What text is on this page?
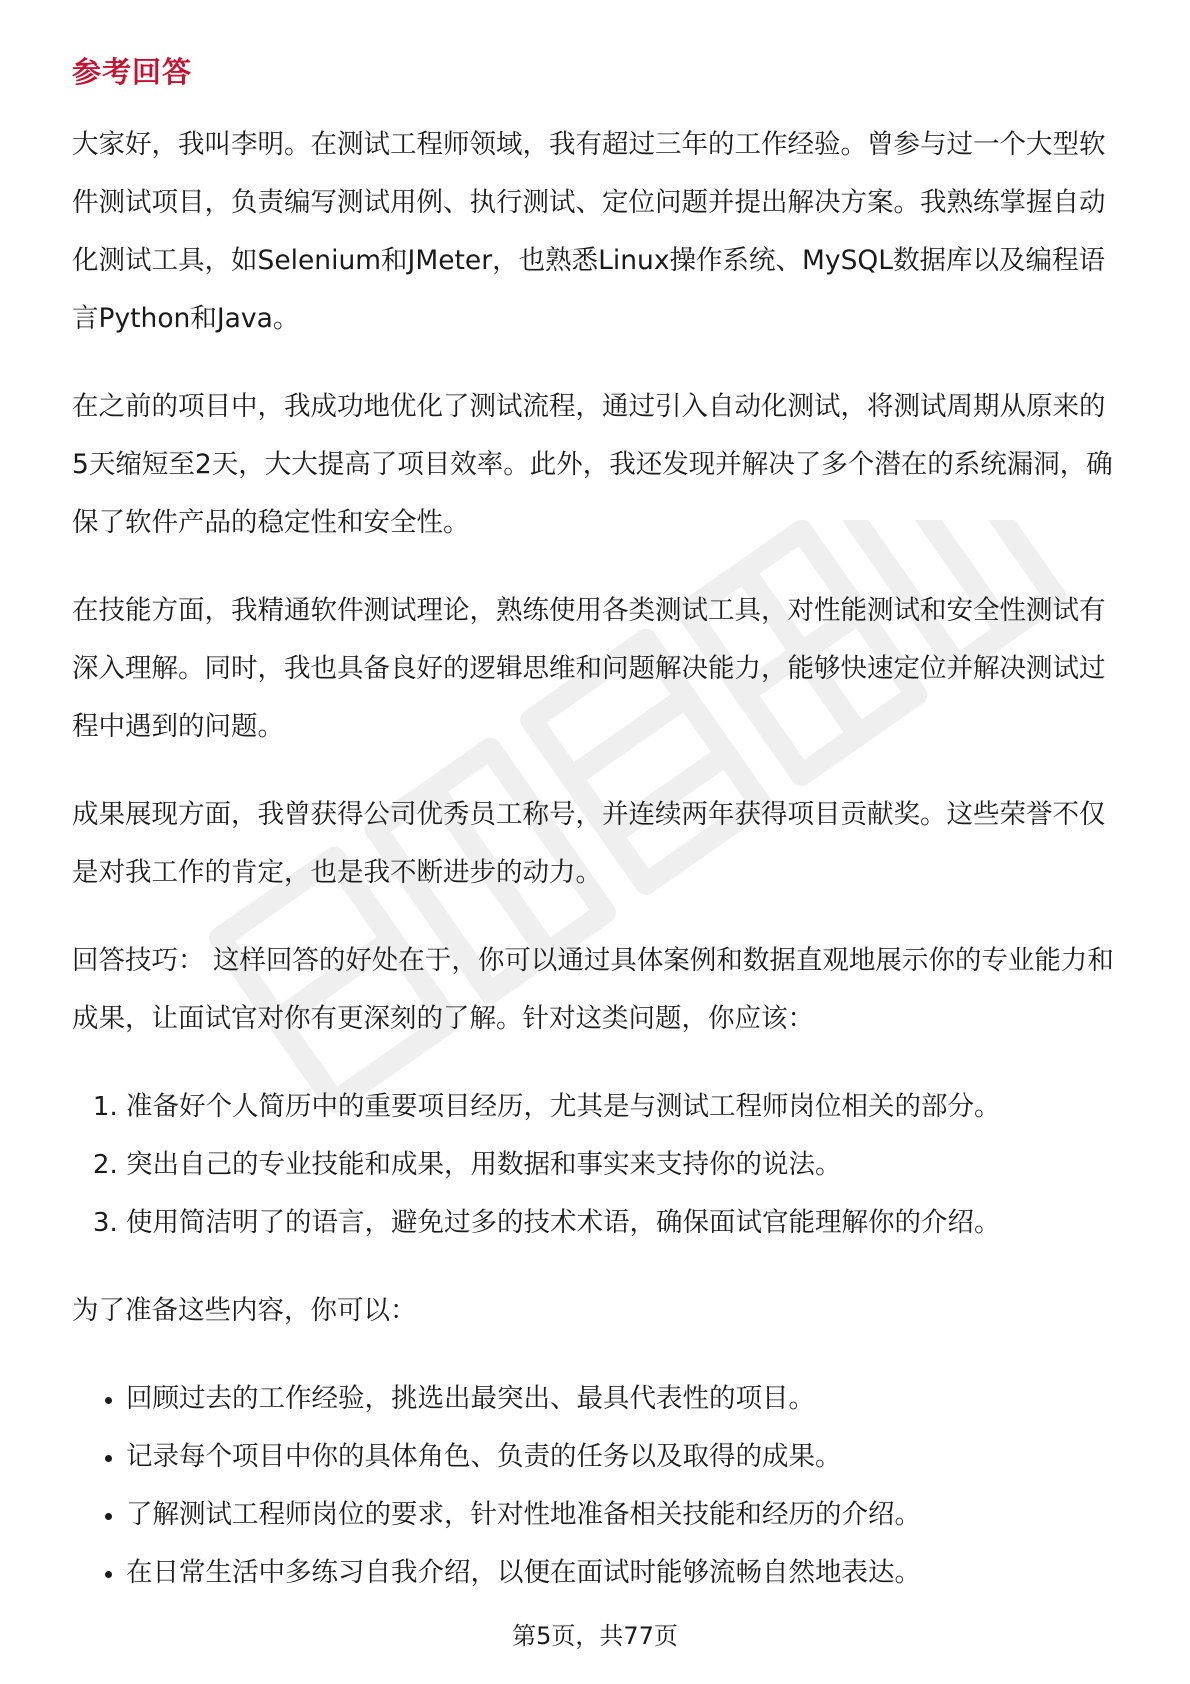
参考回答

大家好，我叫李明。在测试工程师领域，我有超过三年的工作经验。曾参与过一个大型软件测试项目，负责编写测试用例、执行测试、定位问题并提出解决方案。我熟练掌握自动化测试工具，如Selenium和JMeter，也熟悉Linux操作系统、MySQL数据库以及编程语言Python和Java。

在之前的项目中，我成功地优化了测试流程，通过引入自动化测试，将测试周期从原来的5天缩短至2天，大大提高了项目效率。此外，我还发现并解决了多个潜在的系统漏洞，确保了软件产品的稳定性和安全性。

在技能方面，我精通软件测试理论，熟练使用各类测试工具，对性能测试和安全性测试有深入理解。同时，我也具备良好的逻辑思维和问题解决能力，能够快速定位并解决测试过程中遇到的问题。

成果展现方面，我曾获得公司优秀员工称号，并连续两年获得项目贡献奖。这些荣誉不仅是对我工作的肯定，也是我不断进步的动力。

回答技巧： 这样回答的好处在于，你可以通过具体案例和数据直观地展示你的专业能力和成果，让面试官对你有更深刻的了解。针对这类问题，你应该：

1. 准备好个人简历中的重要项目经历，尤其是与测试工程师岗位相关的部分。
2. 突出自己的专业技能和成果，用数据和事实来支持你的说法。
3. 使用简洁明了的语言，避免过多的技术术语，确保面试官能理解你的介绍。

为了准备这些内容，你可以：

• 回顾过去的工作经验，挑选出最突出、最具代表性的项目。
• 记录每个项目中你的具体角色、负责的任务以及取得的成果。
• 了解测试工程师岗位的要求，针对性地准备相关技能和经历的介绍。
• 在日常生活中多练习自我介绍，以便在面试时能够流畅自然地表达。
第5页，共77页
